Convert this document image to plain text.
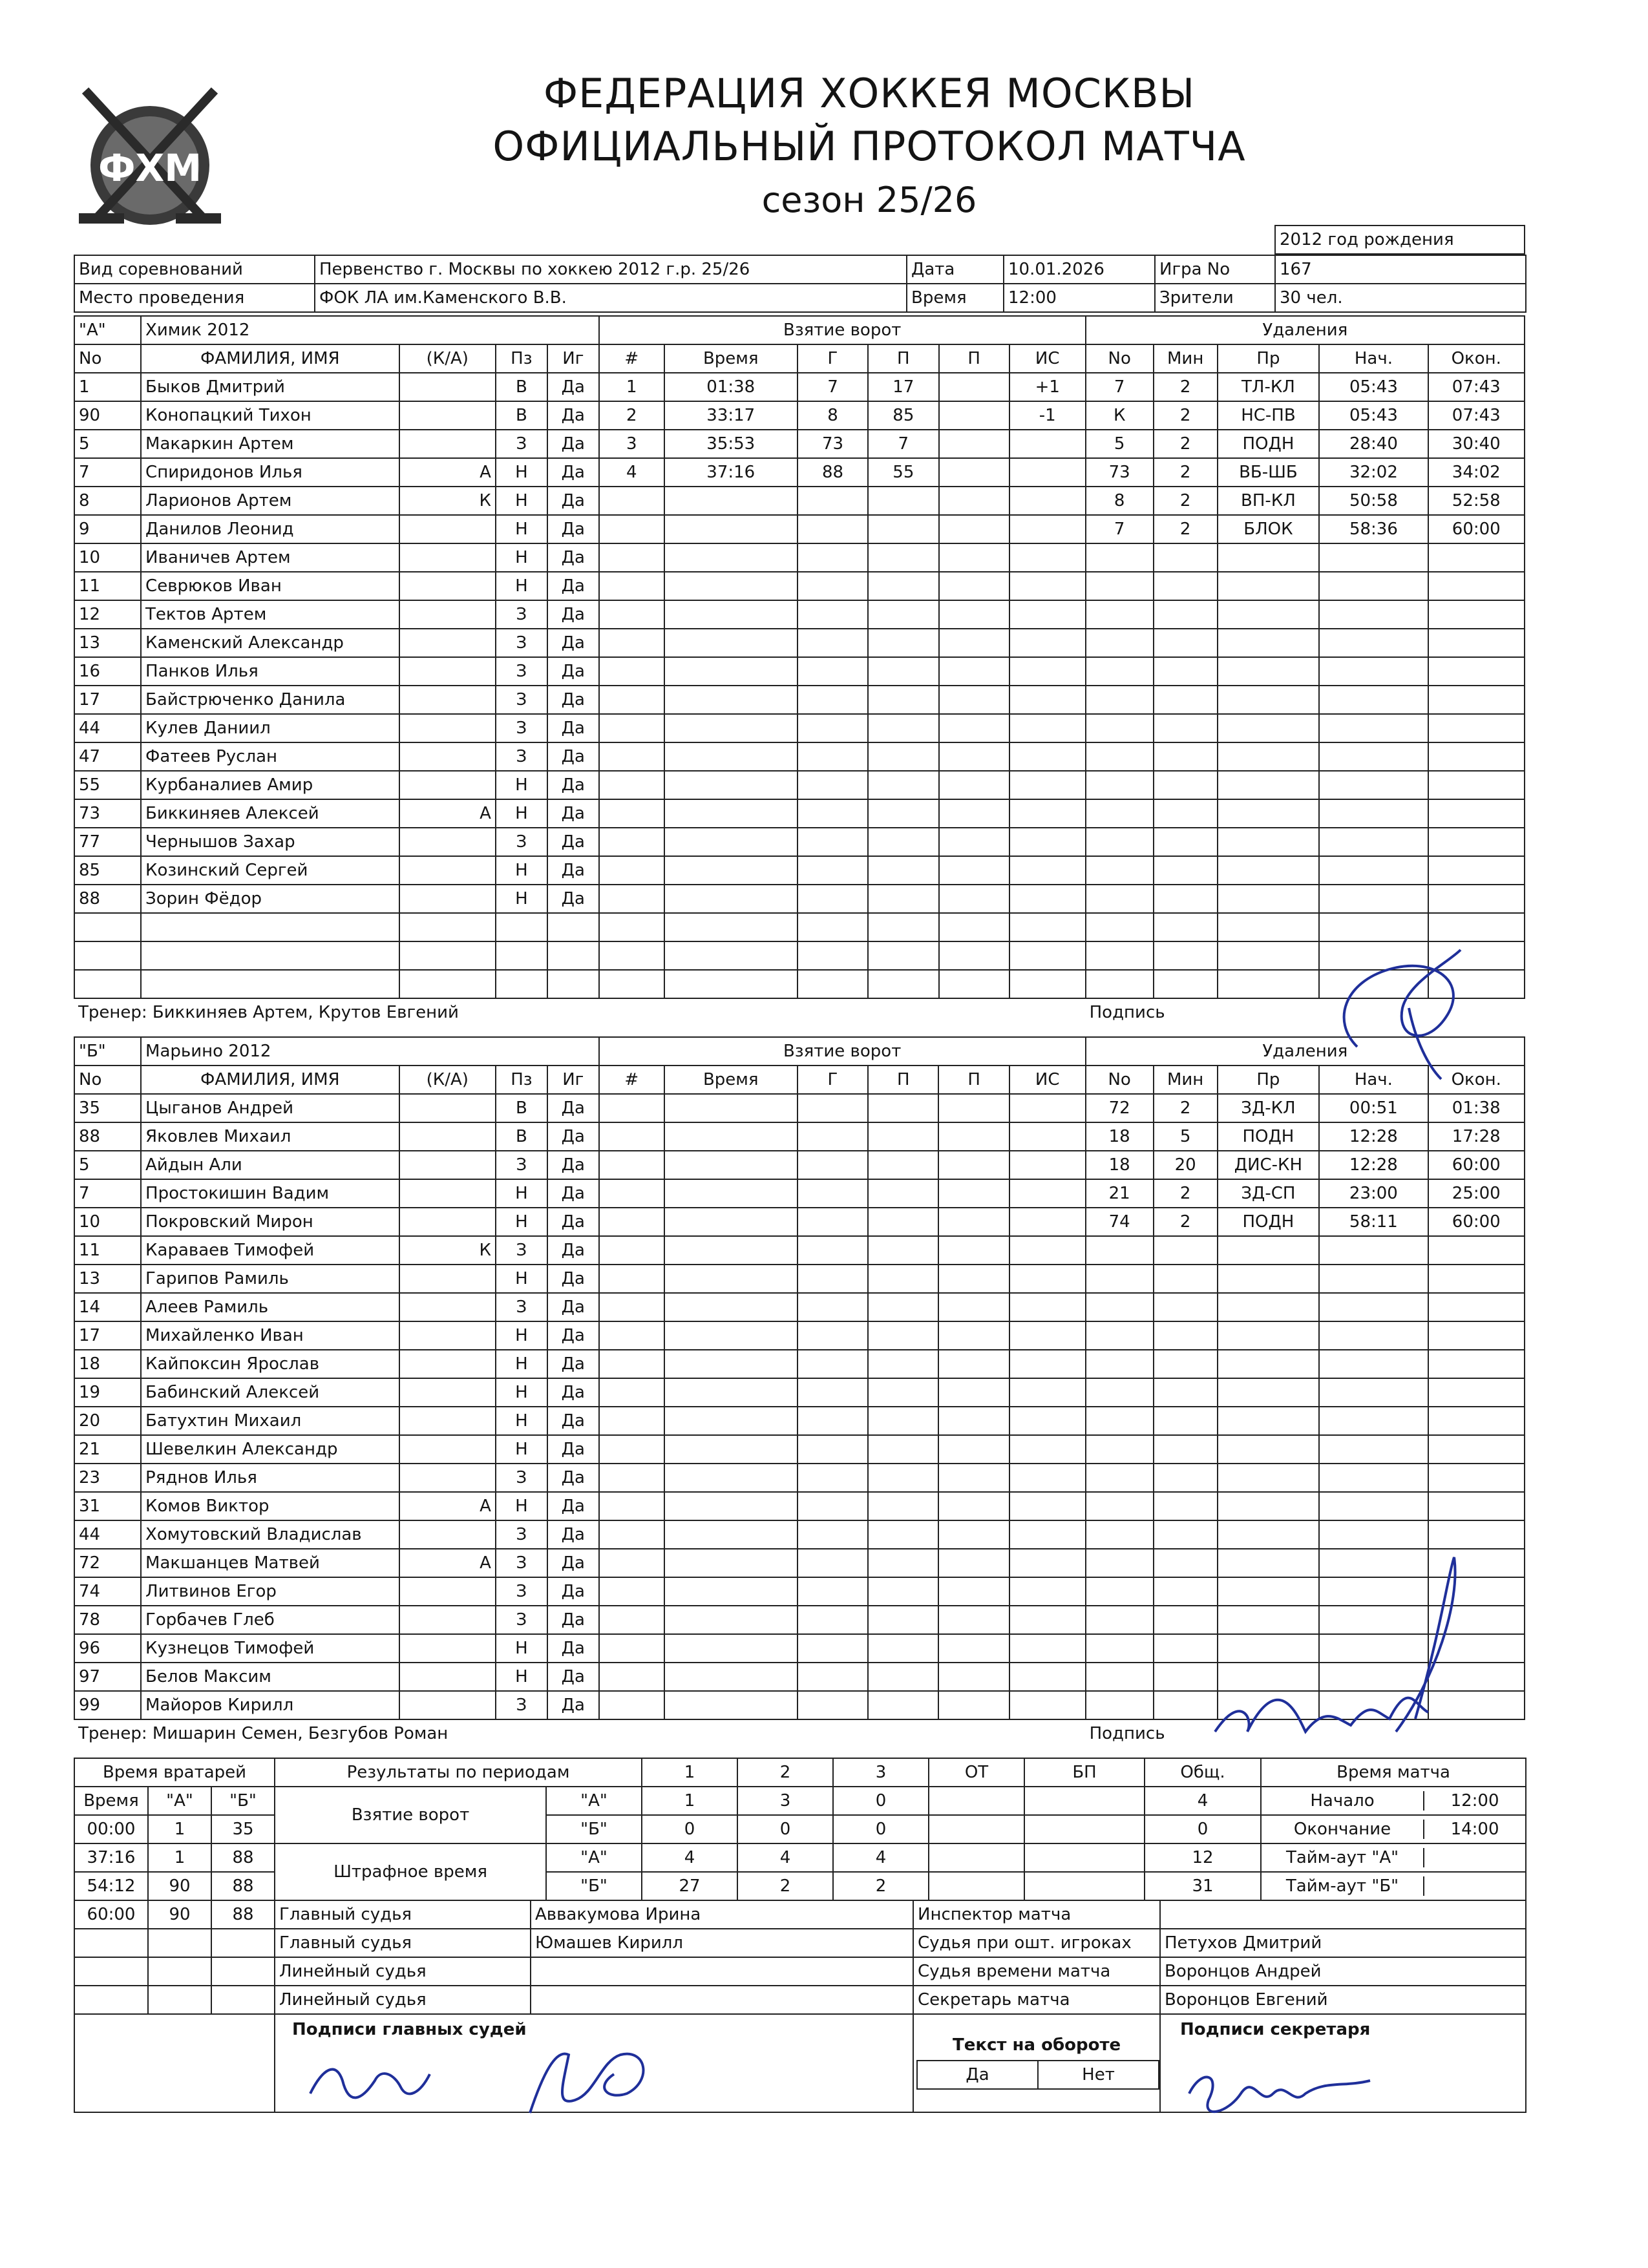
ФХМ
ФЕДЕРАЦИЯ ХОККЕЯ МОСКВЫ
ОФИЦИАЛЬНЫЙ ПРОТОКОЛ МАТЧА
сезон 25/26
2012 год рождения
Вид соревнований	Первенство г. Москвы по хоккею 2012 г.р. 25/26	Дата	10.01.2026	Игра No	167
Место проведения	ФОК ЛА им.Каменского В.В.	Время	12:00	Зрители	30 чел.
"А"	Химик 2012				Взятие ворот						Удаления				
No	ФАМИЛИЯ, ИМЯ	(К/А)	Пз	Иг	#	Время	Г	П	П	ИС	No	Мин	Пр	Нач.	Окон.
1	Быков Дмитрий		В	Да	1	01:38	7	17		+1	7	2	ТЛ-КЛ	05:43	07:43
90	Конопацкий Тихон		В	Да	2	33:17	8	85		-1	К	2	НС-ПВ	05:43	07:43
5	Макаркин Артем		З	Да	3	35:53	73	7			5	2	ПОДН	28:40	30:40
7	Спиридонов Илья	А	Н	Да	4	37:16	88	55			73	2	ВБ-ШБ	32:02	34:02
8	Ларионов Артем	К	Н	Да							8	2	ВП-КЛ	50:58	52:58
9	Данилов Леонид		Н	Да							7	2	БЛОК	58:36	60:00
10	Иваничев Артем		Н	Да											
11	Севрюков Иван		Н	Да											
12	Тектов Артем		З	Да											
13	Каменский Александр		З	Да											
16	Панков Илья		З	Да											
17	Байстрюченко Данила		З	Да											
44	Кулев Даниил		З	Да											
47	Фатеев Руслан		З	Да											
55	Курбаналиев Амир		Н	Да											
73	Биккиняев Алексей	А	Н	Да											
77	Чернышов Захар		З	Да											
85	Козинский Сергей		Н	Да											
88	Зорин Фёдор		Н	Да											

Тренер: Биккиняев Артем, Крутов Евгений											Подпись				
"Б"	Марьино 2012				Взятие ворот						Удаления				
No	ФАМИЛИЯ, ИМЯ	(К/А)	Пз	Иг	#	Время	Г	П	П	ИС	No	Мин	Пр	Нач.	Окон.
35	Цыганов Андрей		В	Да							72	2	ЗД-КЛ	00:51	01:38
88	Яковлев Михаил		В	Да							18	5	ПОДН	12:28	17:28
5	Айдын Али		З	Да							18	20	ДИС-КН	12:28	60:00
7	Простокишин Вадим		Н	Да							21	2	ЗД-СП	23:00	25:00
10	Покровский Мирон		Н	Да							74	2	ПОДН	58:11	60:00
11	Караваев Тимофей	К	З	Да											
13	Гарипов Рамиль		Н	Да											
14	Алеев Рамиль		З	Да											
17	Михайленко Иван		Н	Да											
18	Кайпоксин Ярослав		Н	Да											
19	Бабинский Алексей		Н	Да											
20	Батухтин Михаил		Н	Да											
21	Шевелкин Александр		Н	Да											
23	Ряднов Илья		З	Да											
31	Комов Виктор	А	Н	Да											
44	Хомутовский Владислав		З	Да											
72	Макшанцев Матвей	А	З	Да											
74	Литвинов Егор		З	Да											
78	Горбачев Глеб		З	Да											
96	Кузнецов Тимофей		Н	Да											
97	Белов Максим		Н	Да											
99	Майоров Кирилл		З	Да											
Тренер: Мишарин Семен, Безгубов Роман											Подпись				
Время вратарей			Результаты по периодам		1	2	3	ОТ	БП	Общ.	Время матча
Время	"А"	"Б"	Взятие ворот	"А"	1	3	0			4	Начало 12:00

00:00	1	35		"Б"	0	0	0			0	Окончание 14:00

37:16	1	88	Штрафное время	"А"	4	4	4			12	Тайм-аут "А"

54:12	90	88		"Б"	27	2	2			31	Тайм-аут "Б"

60:00	90	88	Главный судья	Аввакумова Ирина	Инспектор матча	
			Главный судья	Юмашев Кирилл	Судья при ошт. игроках	Петухов Дмитрий
			Линейный судья		Судья времени матча	Воронцов Андрей
			Линейный судья		Секретарь матча	Воронцов Евгений

Подписи главных судей
Текст на обороте
Да	Нет
Подписи секретаря
